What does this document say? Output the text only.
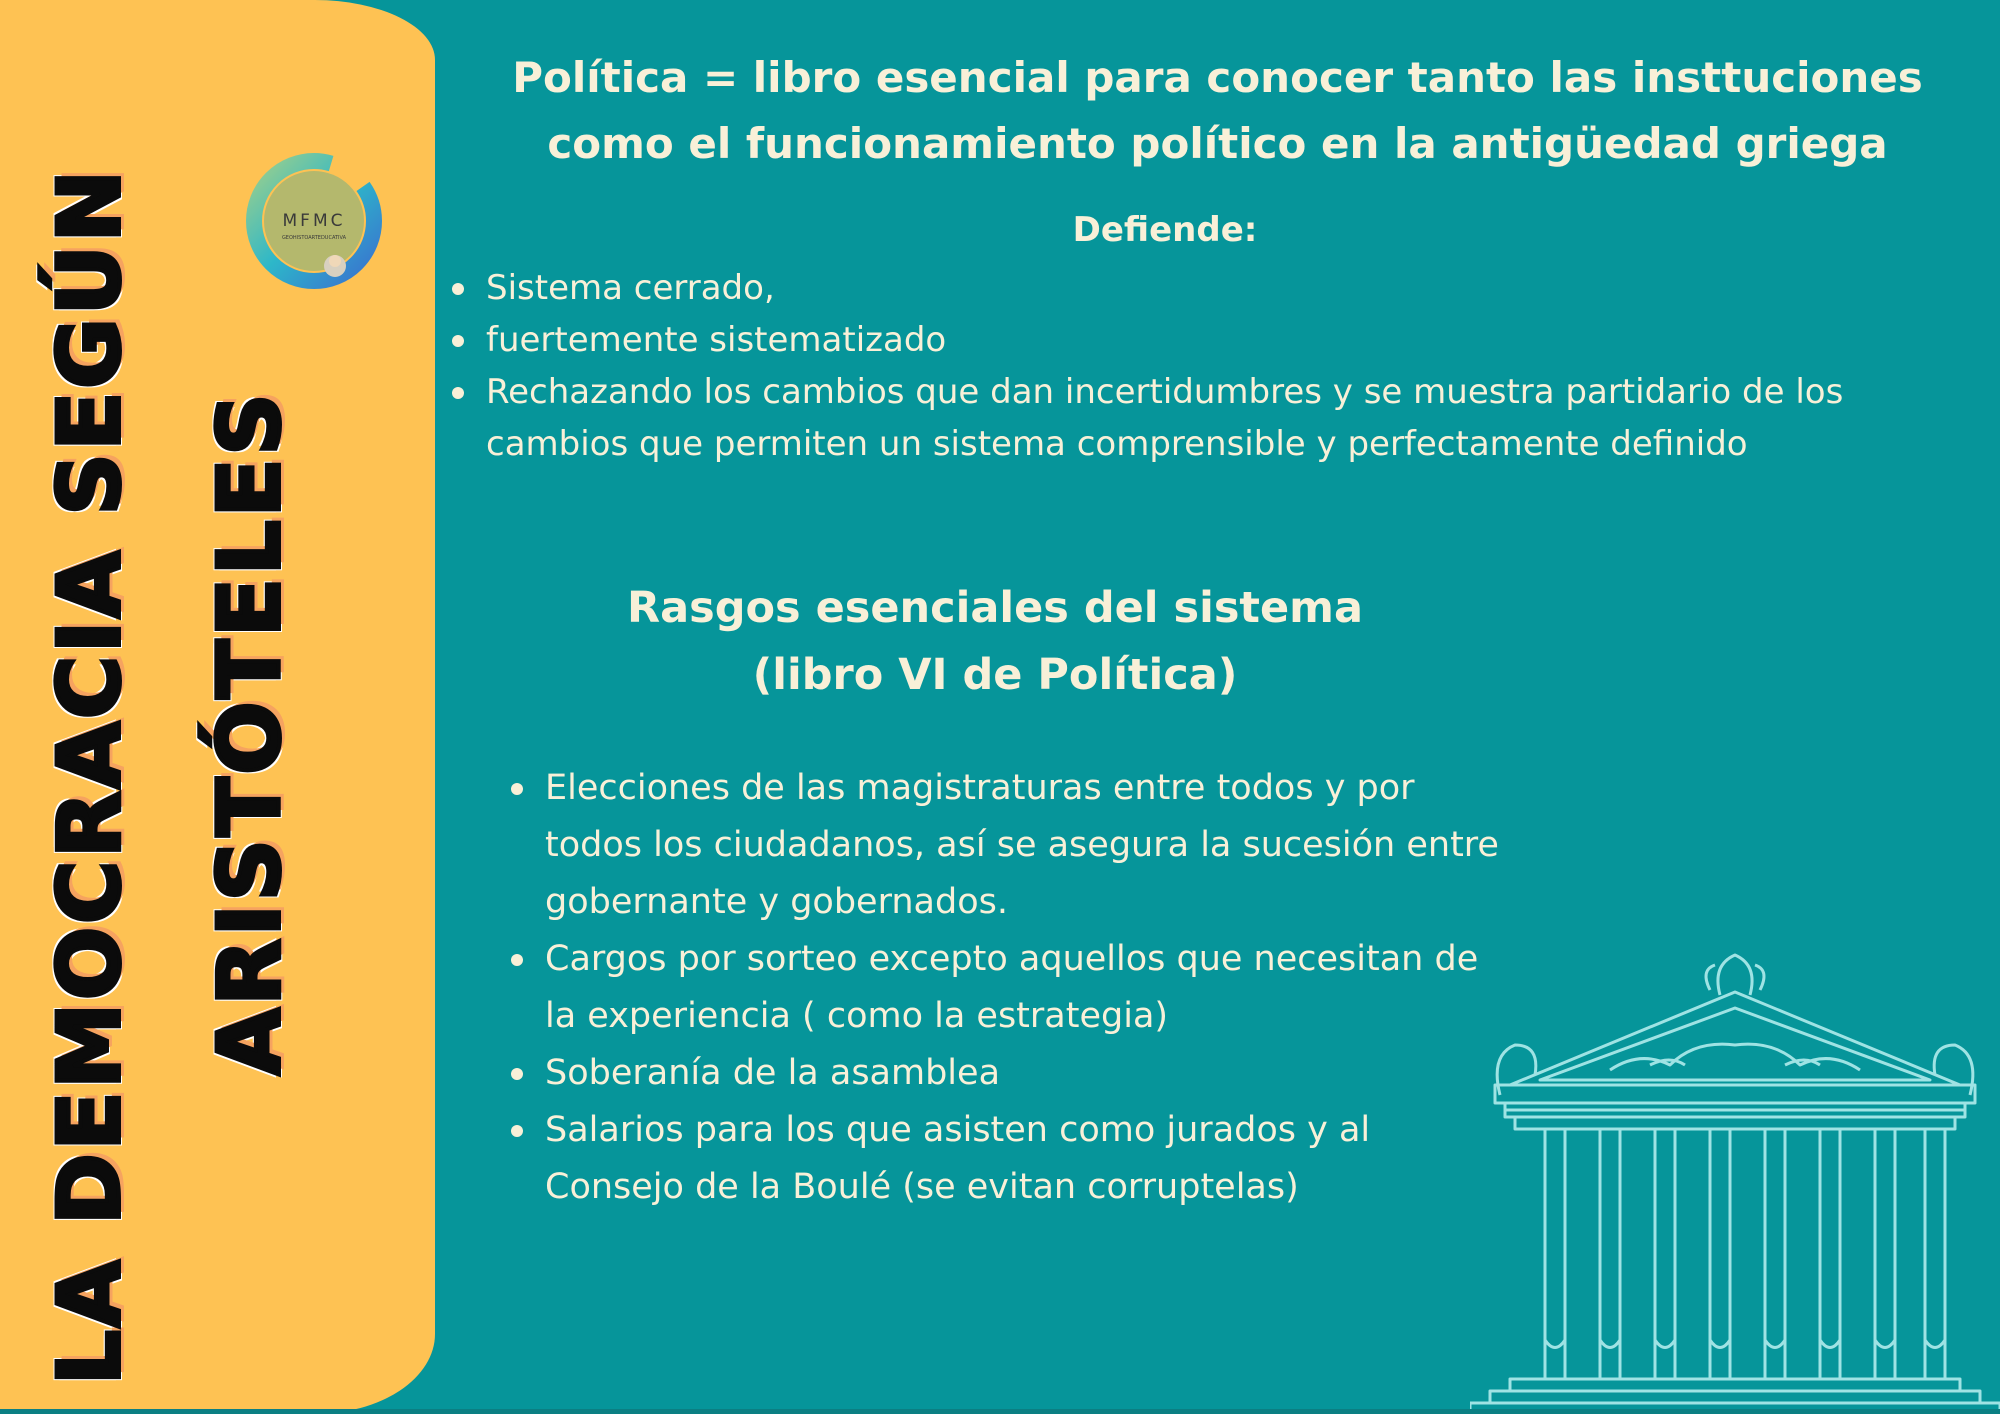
LA DEMOCRACIA SEGÚN ARISTÓTELES
MFMC
GEOHISTOARTEDUCATIVA
Política = libro esencial para conocer tanto las insttuciones
como el funcionamiento político en la antigüedad griega
Defiende:
Sistema cerrado,
fuertemente sistematizado
Rechazando los cambios que dan incertidumbres y se muestra partidario de los cambios que permiten un sistema comprensible y perfectamente definido
Rasgos esenciales del sistema
(libro VI de Política)
Elecciones de las magistraturas entre todos y por todos los ciudadanos, así se asegura la sucesión entre gobernante y gobernados.
Cargos por sorteo excepto aquellos que necesitan de la experiencia ( como la estrategia)
Soberanía de la asamblea
Salarios para los que asisten como jurados y al Consejo de la Boulé (se evitan corruptelas)
